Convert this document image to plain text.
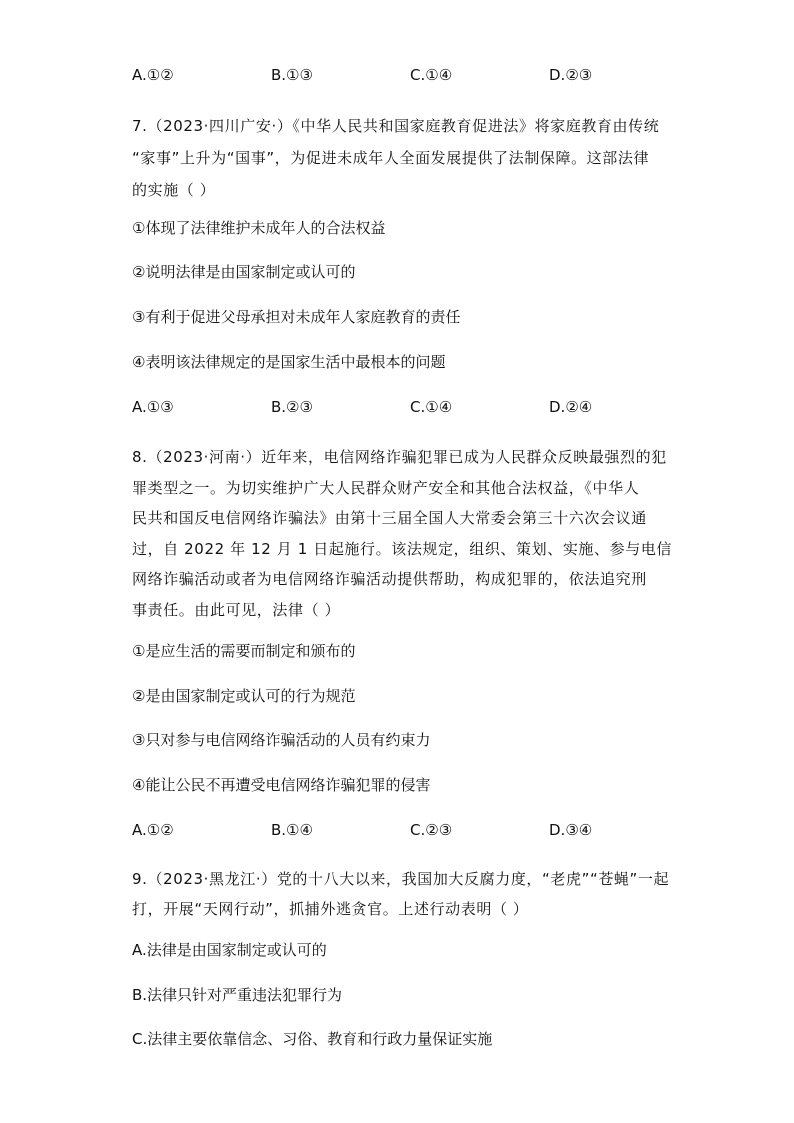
A.①②	B.①③	C.①④	D.②③
7.（2023·四川广安·）《中华人民共和国家庭教育促进法》将家庭教育由传统
“家事”上升为“国事”，为促进未成年人全面发展提供了法制保障。这部法律
的实施（ ）
①体现了法律维护未成年人的合法权益
②说明法律是由国家制定或认可的
③有利于促进父母承担对未成年人家庭教育的责任
④表明该法律规定的是国家生活中最根本的问题
A.①③	B.②③	C.①④	D.②④
8.（2023·河南·）近年来，电信网络诈骗犯罪已成为人民群众反映最强烈的犯
罪类型之一。为切实维护广大人民群众财产安全和其他合法权益，《中华人
民共和国反电信网络诈骗法》由第十三届全国人大常委会第三十六次会议通
过，自 2022 年 12 月 1 日起施行。该法规定，组织、策划、实施、参与电信
网络诈骗活动或者为电信网络诈骗活动提供帮助，构成犯罪的，依法追究刑
事责任。由此可见，法律（ ）
①是应生活的需要而制定和颁布的
②是由国家制定或认可的行为规范
③只对参与电信网络诈骗活动的人员有约束力
④能让公民不再遭受电信网络诈骗犯罪的侵害
A.①②	B.①④	C.②③	D.③④
9.（2023·黑龙江·）党的十八大以来，我国加大反腐力度，“老虎”“苍蝇”一起
打，开展“天网行动”，抓捕外逃贪官。上述行动表明（ ）
A.法律是由国家制定或认可的
B.法律只针对严重违法犯罪行为
C.法律主要依靠信念、习俗、教育和行政力量保证实施
